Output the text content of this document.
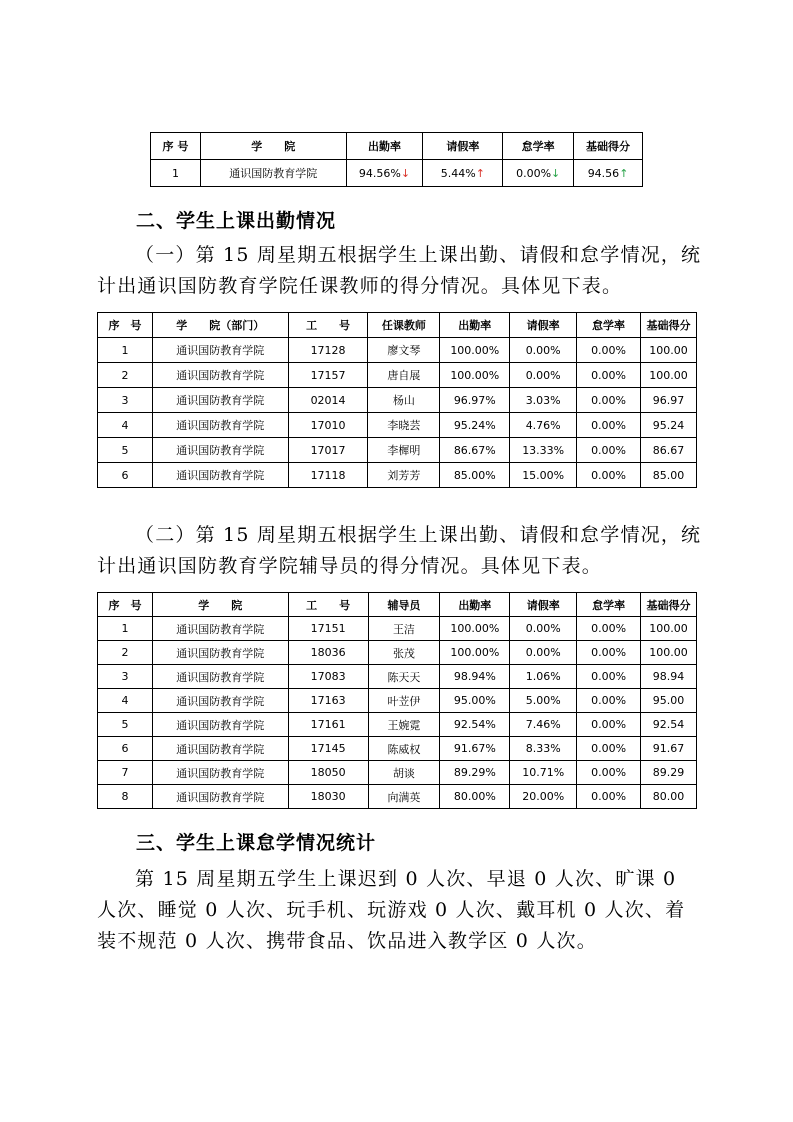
序 号	学　　院	出勤率	请假率	怠学率	基础得分
1	通识国防教育学院	94.56%↓	5.44%↑	0.00%↓	94.56↑
二、学生上课出勤情况
（一）第 15 周星期五根据学生上课出勤、请假和怠学情况，统计出通识国防教育学院任课教师的得分情况。具体见下表。
序　号	学　　院（部门）	工　　号	任课教师	出勤率	请假率	怠学率	基础得分
1	通识国防教育学院	17128	廖文琴	100.00%	0.00%	0.00%	100.00
2	通识国防教育学院	17157	唐自展	100.00%	0.00%	0.00%	100.00
3	通识国防教育学院	02014	杨山	96.97%	3.03%	0.00%	96.97
4	通识国防教育学院	17010	李晓芸	95.24%	4.76%	0.00%	95.24
5	通识国防教育学院	17017	李樨明	86.67%	13.33%	0.00%	86.67
6	通识国防教育学院	17118	刘芳芳	85.00%	15.00%	0.00%	85.00
（二）第 15 周星期五根据学生上课出勤、请假和怠学情况，统计出通识国防教育学院辅导员的得分情况。具体见下表。
序　号	学　　院	工　　号	辅导员	出勤率	请假率	怠学率	基础得分
1	通识国防教育学院	17151	王洁	100.00%	0.00%	0.00%	100.00
2	通识国防教育学院	18036	张茂	100.00%	0.00%	0.00%	100.00
3	通识国防教育学院	17083	陈天天	98.94%	1.06%	0.00%	98.94
4	通识国防教育学院	17163	叶苙伊	95.00%	5.00%	0.00%	95.00
5	通识国防教育学院	17161	王婉霓	92.54%	7.46%	0.00%	92.54
6	通识国防教育学院	17145	陈威权	91.67%	8.33%	0.00%	91.67
7	通识国防教育学院	18050	胡谈	89.29%	10.71%	0.00%	89.29
8	通识国防教育学院	18030	向满英	80.00%	20.00%	0.00%	80.00
三、学生上课怠学情况统计
第 15 周星期五学生上课迟到 0 人次、早退 0 人次、旷课 0 人次、睡觉 0 人次、玩手机、玩游戏 0 人次、戴耳机 0 人次、着装不规范 0 人次、携带食品、饮品进入教学区 0 人次。
